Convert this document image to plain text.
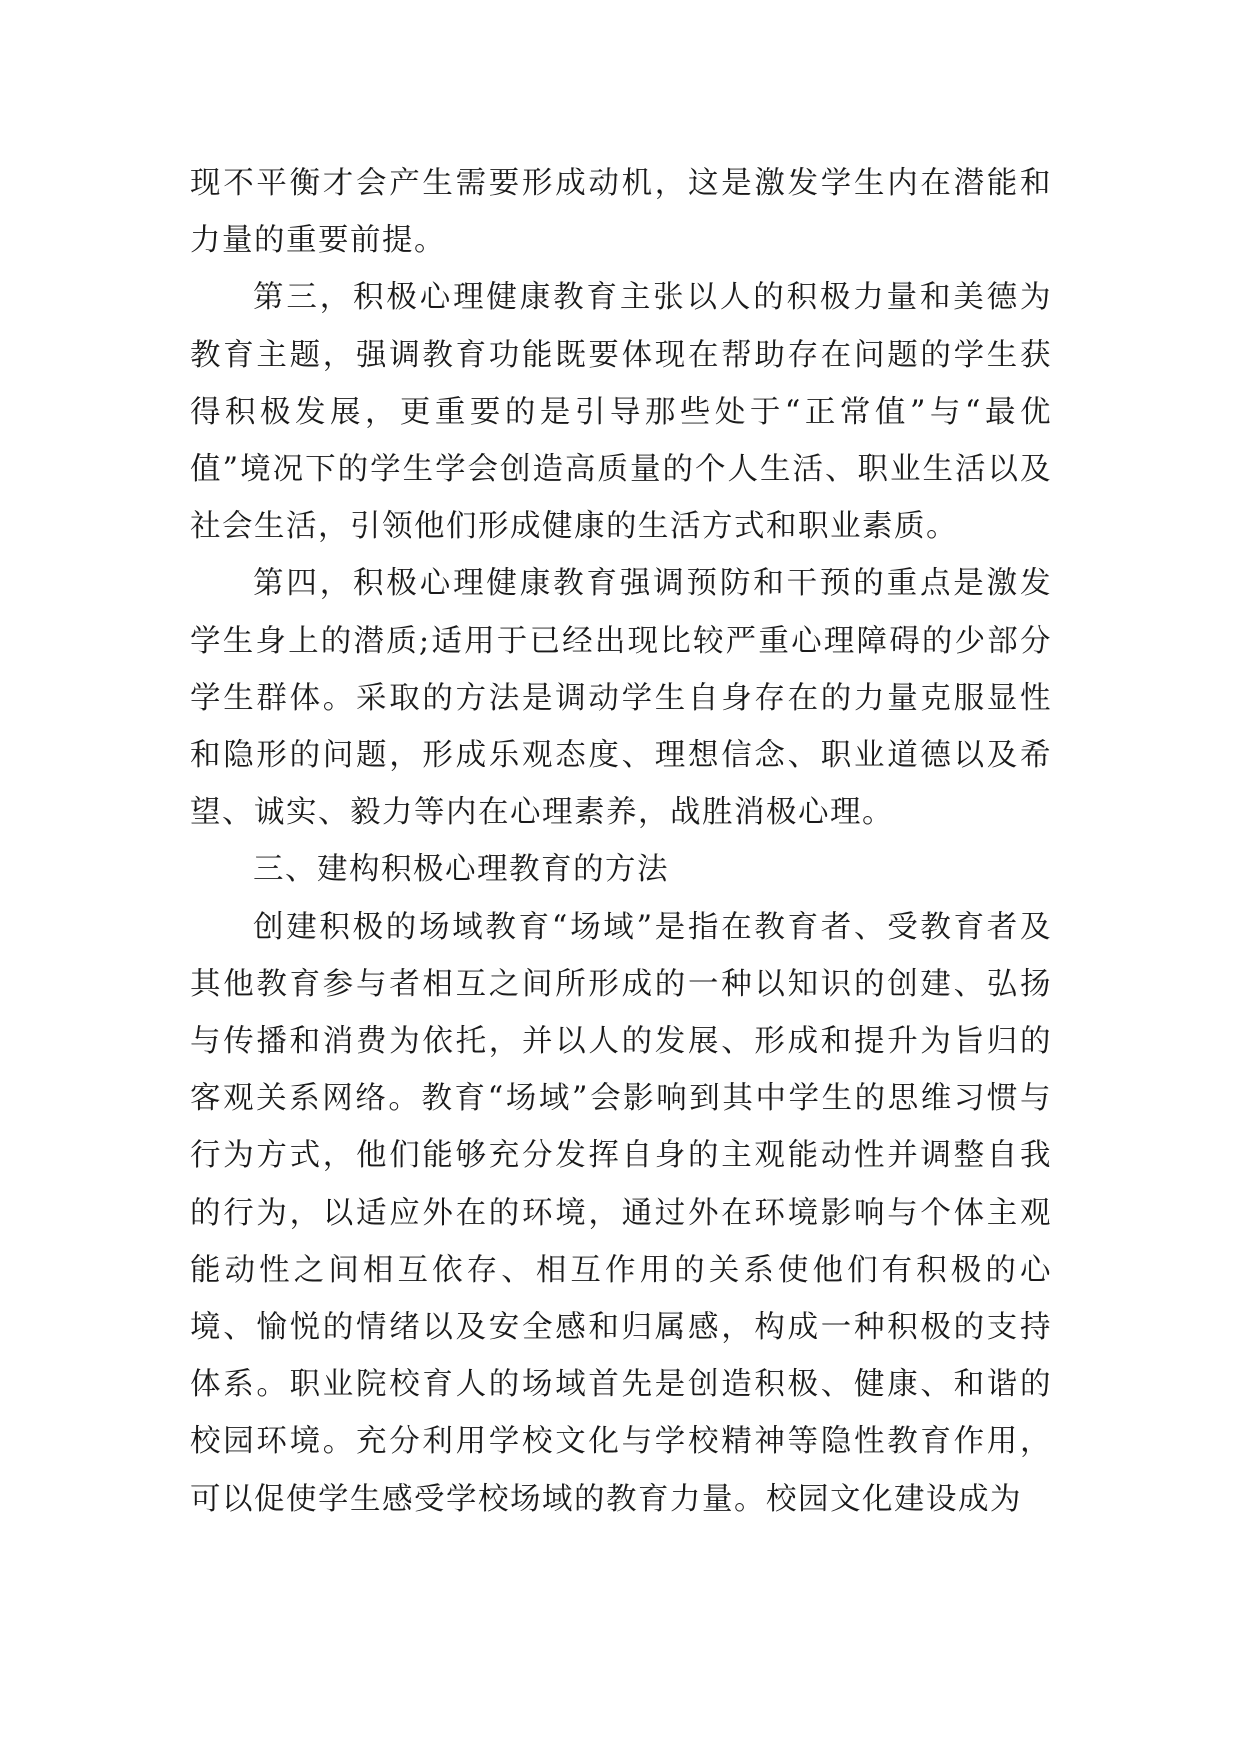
现不平衡才会产生需要形成动机，这是激发学生内在潜能和力量的重要前提。

第三，积极心理健康教育主张以人的积极力量和美德为教育主题，强调教育功能既要体现在帮助存在问题的学生获得积极发展，更重要的是引导那些处于“正常值”与“最优值”境况下的学生学会创造高质量的个人生活、职业生活以及社会生活，引领他们形成健康的生活方式和职业素质。

第四，积极心理健康教育强调预防和干预的重点是激发学生身上的潜质;适用于已经出现比较严重心理障碍的少部分学生群体。采取的方法是调动学生自身存在的力量克服显性和隐形的问题，形成乐观态度、理想信念、职业道德以及希望、诚实、毅力等内在心理素养，战胜消极心理。

三、建构积极心理教育的方法

创建积极的场域教育“场域”是指在教育者、受教育者及其他教育参与者相互之间所形成的一种以知识的创建、弘扬与传播和消费为依托，并以人的发展、形成和提升为旨归的客观关系网络。教育“场域”会影响到其中学生的思维习惯与行为方式，他们能够充分发挥自身的主观能动性并调整自我的行为，以适应外在的环境，通过外在环境影响与个体主观能动性之间相互依存、相互作用的关系使他们有积极的心境、愉悦的情绪以及安全感和归属感，构成一种积极的支持体系。职业院校育人的场域首先是创造积极、健康、和谐的校园环境。充分利用学校文化与学校精神等隐性教育作用，可以促使学生感受学校场域的教育力量。校园文化建设成为
